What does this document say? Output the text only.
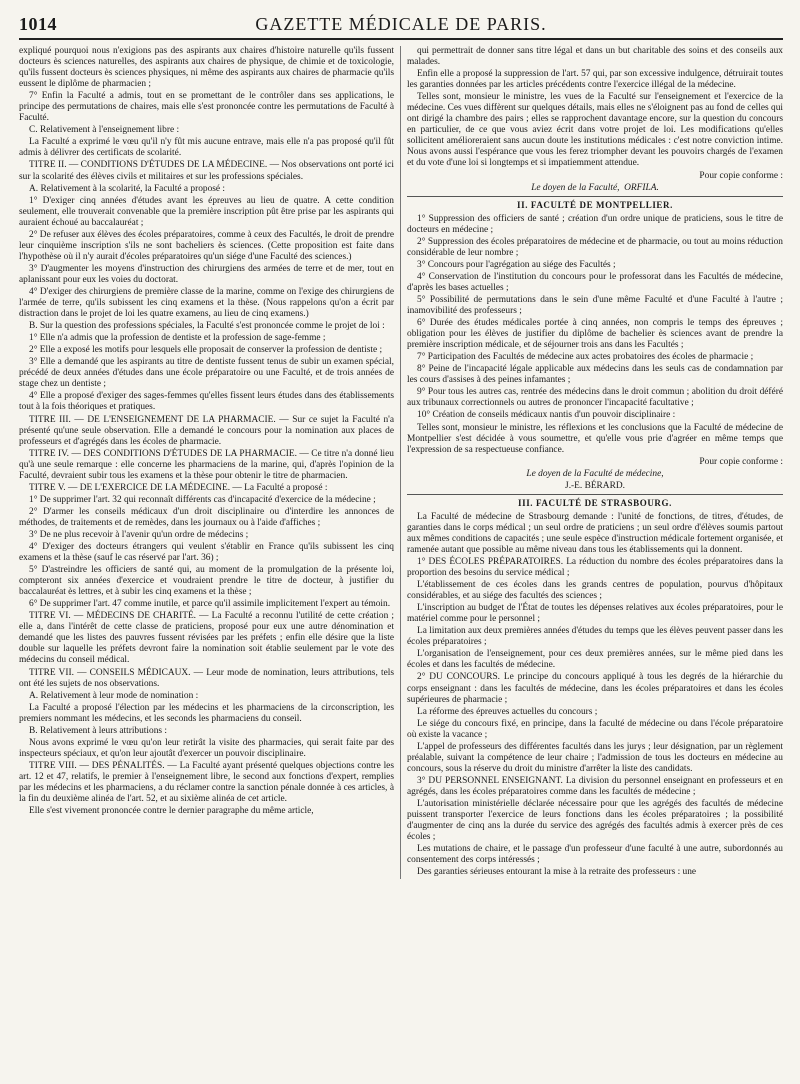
1014	GAZETTE MÉDICALE DE PARIS.

expliqué pourquoi nous n'exigions pas des aspirants aux chaires d'histoire naturelle qu'ils fussent docteurs ès sciences naturelles, des aspirants aux chaires de physique, de chimie et de toxicologie, qu'ils fussent docteurs ès sciences physiques, ni même des aspirants aux chaires de pharmacie qu'ils eussent le diplôme de pharmacien ;

7° Enfin la Faculté a admis, tout en se promettant de le contrôler dans ses applications, le principe des permutations de chaires, mais elle s'est prononcée contre les permutations de Faculté à Faculté.

C. Relativement à l'enseignement libre :

La Faculté a exprimé le vœu qu'il n'y fût mis aucune entrave, mais elle n'a pas proposé qu'il fût admis à délivrer des certificats de scolarité.

TITRE II. — CONDITIONS D'ÉTUDES DE LA MÉDECINE. — Nos observations ont porté ici sur la scolarité des élèves civils et militaires et sur les professions spéciales.

A. Relativement à la scolarité, la Faculté a proposé :

1° D'exiger cinq années d'études avant les épreuves au lieu de quatre. A cette condition seulement, elle trouverait convenable que la première inscription pût être prise par les aspirants qui auraient échoué au baccalauréat ;

2° De refuser aux élèves des écoles préparatoires, comme à ceux des Facultés, le droit de prendre leur cinquième inscription s'ils ne sont bacheliers ès sciences. (Cette proposition est faite dans l'hypothèse où il n'y aurait d'écoles préparatoires qu'un siége d'une Faculté des sciences.)

3° D'augmenter les moyens d'instruction des chirurgiens des armées de terre et de mer, tout en aplanissant pour eux les voies du doctorat.

4° D'exiger des chirurgiens de première classe de la marine, comme on l'exige des chirurgiens de l'armée de terre, qu'ils subissent les cinq examens et la thèse. (Nous rappelons qu'on a écrit par distraction dans le projet de loi les quatre examens, au lieu de cinq examens.)

B. Sur la question des professions spéciales, la Faculté s'est prononcée comme le projet de loi :

1° Elle n'a admis que la profession de dentiste et la profession de sage-femme ;

2° Elle a exposé les motifs pour lesquels elle proposait de conserver la profession de dentiste ;

3° Elle a demandé que les aspirants au titre de dentiste fussent tenus de subir un examen spécial, précédé de deux années d'études dans une école préparatoire ou une Faculté, et de trois années de stage chez un dentiste ;

4° Elle a proposé d'exiger des sages-femmes qu'elles fissent leurs études dans des établissements tout à la fois théoriques et pratiques.

TITRE III. — DE L'ENSEIGNEMENT DE LA PHARMACIE. — Sur ce sujet la Faculté n'a présenté qu'une seule observation. Elle a demandé le concours pour la nomination aux places de professeurs et d'agrégés dans les écoles de pharmacie.

TITRE IV. — DES CONDITIONS D'ÉTUDES DE LA PHARMACIE. — Ce titre n'a donné lieu qu'à une seule remarque : elle concerne les pharmaciens de la marine, qui, d'après l'opinion de la Faculté, devraient subir tous les examens et la thèse pour obtenir le titre de pharmacien.

TITRE V. — DE L'EXERCICE DE LA MÉDECINE. — La Faculté a proposé :

1° De supprimer l'art. 32 qui reconnaît différents cas d'incapacité d'exercice de la médecine ;

2° D'armer les conseils médicaux d'un droit disciplinaire ou d'interdire les annonces de méthodes, de traitements et de remèdes, dans les journaux ou à l'aide d'affiches ;

3° De ne plus recevoir à l'avenir qu'un ordre de médecins ;

4° D'exiger des docteurs étrangers qui veulent s'établir en France qu'ils subissent les cinq examens et la thèse (sauf le cas réservé par l'art. 36) ;

5° D'astreindre les officiers de santé qui, au moment de la promulgation de la présente loi, compteront six années d'exercice et voudraient prendre le titre de docteur, à justifier du baccalauréat ès lettres, et à subir les cinq examens et la thèse ;

6° De supprimer l'art. 47 comme inutile, et parce qu'il assimile implicitement l'expert au témoin.

TITRE VI. — MÉDECINS DE CHARITÉ. — La Faculté a reconnu l'utilité de cette création ; elle a, dans l'intérêt de cette classe de praticiens, proposé pour eux une autre dénomination et demandé que les listes des pauvres fussent révisées par les préfets ; enfin elle désire que la liste double sur laquelle les préfets devront faire la nomination soit établie seulement par le vote des médecins du conseil médical.

TITRE VII. — CONSEILS MÉDICAUX. — Leur mode de nomination, leurs attributions, tels ont été les sujets de nos observations.

A. Relativement à leur mode de nomination :

La Faculté a proposé l'élection par les médecins et les pharmaciens de la circonscription, les premiers nommant les médecins, et les seconds les pharmaciens du conseil.

B. Relativement à leurs attributions :

Nous avons exprimé le vœu qu'on leur retirât la visite des pharmacies, qui serait faite par des inspecteurs spéciaux, et qu'on leur ajoutât d'exercer un pouvoir disciplinaire.

TITRE VIII. — DES PÉNALITÉS. — La Faculté ayant présenté quelques objections contre les art. 12 et 47, relatifs, le premier à l'enseignement libre, le second aux fonctions d'expert, remplies par les médecins et les pharmaciens, a du réclamer contre la sanction pénale donnée à ces articles, à la fin du deuxième alinéa de l'art. 52, et au sixième alinéa de cet article.

Elle s'est vivement prononcée contre le dernier paragraphe du même article,

qui permettrait de donner sans titre légal et dans un but charitable des soins et des conseils aux malades.

Enfin elle a proposé la suppression de l'art. 57 qui, par son excessive indulgence, détruirait toutes les garanties données par les articles précédents contre l'exercice illégal de la médecine.

Telles sont, monsieur le ministre, les vues de la Faculté sur l'enseignement et l'exercice de la médecine. Ces vues diffèrent sur quelques détails, mais elles ne s'éloignent pas au fond de celles qui ont dirigé la chambre des pairs ; elles se rapprochent davantage encore, sur la question du concours en particulier, de ce que vous aviez écrit dans votre projet de loi. Les modifications qu'elles sollicitent amélioreraient sans aucun doute les institutions médicales : c'est notre conviction intime. Nous avons aussi l'espérance que vous les ferez triompher devant les pouvoirs chargés de l'examen et du vote d'une loi si longtemps et si impatiemment attendue.

Pour copie conforme :

Le doyen de la Faculté, ORFILA.

II. FACULTÉ DE MONTPELLIER.

1° Suppression des officiers de santé ; création d'un ordre unique de praticiens, sous le titre de docteurs en médecine ;

2° Suppression des écoles préparatoires de médecine et de pharmacie, ou tout au moins réduction considérable de leur nombre ;

3° Concours pour l'agrégation au siége des Facultés ;

4° Conservation de l'institution du concours pour le professorat dans les Facultés de médecine, d'après les bases actuelles ;

5° Possibilité de permutations dans le sein d'une même Faculté et d'une Faculté à l'autre ; inamovibilité des professeurs ;

6° Durée des études médicales portée à cinq années, non compris le temps des épreuves ; obligation pour les élèves de justifier du diplôme de bachelier ès sciences avant de prendre la première inscription médicale, et de séjourner trois ans dans les Facultés ;

7° Participation des Facultés de médecine aux actes probatoires des écoles de pharmacie ;

8° Peine de l'incapacité légale applicable aux médecins dans les seuls cas de condamnation par les cours d'assises à des peines infamantes ;

9° Pour tous les autres cas, rentrée des médecins dans le droit commun ; abolition du droit déféré aux tribunaux correctionnels ou autres de prononcer l'incapacité facultative ;

10° Création de conseils médicaux nantis d'un pouvoir disciplinaire :

Telles sont, monsieur le ministre, les réflexions et les conclusions que la Faculté de médecine de Montpellier s'est décidée à vous soumettre, et qu'elle vous prie d'agréer en même temps que l'expression de sa respectueuse confiance.

Pour copie conforme :

Le doyen de la Faculté de médecine,

J.-E. BÉRARD.

III. FACULTÉ DE STRASBOURG.

La Faculté de médecine de Strasbourg demande : l'unité de fonctions, de titres, d'études, de garanties dans le corps médical ; un seul ordre de praticiens ; un seul ordre d'élèves soumis partout aux mêmes conditions de capacités ; une seule espèce d'instruction médicale fortement organisée, et ramenée autant que possible au même niveau dans tous les établissements qui la donnent.

1° DES ÉCOLES PRÉPARATOIRES. La réduction du nombre des écoles préparatoires dans la proportion des besoins du service médical ;

L'établissement de ces écoles dans les grands centres de population, pourvus d'hôpitaux considérables, et au siége des facultés des sciences ;

L'inscription au budget de l'État de toutes les dépenses relatives aux écoles préparatoires, pour le matériel comme pour le personnel ;

La limitation aux deux premières années d'études du temps que les élèves peuvent passer dans les écoles préparatoires ;

L'organisation de l'enseignement, pour ces deux premières années, sur le même pied dans les écoles et dans les facultés de médecine.

2° DU CONCOURS. Le principe du concours appliqué à tous les degrés de la hiérarchie du corps enseignant : dans les facultés de médecine, dans les écoles préparatoires et dans les écoles supérieures de pharmacie ;

La réforme des épreuves actuelles du concours ;

Le siége du concours fixé, en principe, dans la faculté de médecine ou dans l'école préparatoire où existe la vacance ;

L'appel de professeurs des différentes facultés dans les jurys ; leur désignation, par un règlement préalable, suivant la compétence de leur chaire ; l'admission de tous les docteurs en médecine au concours, sous la réserve du droit du ministre d'arrêter la liste des candidats.

3° DU PERSONNEL ENSEIGNANT. La division du personnel enseignant en professeurs et en agrégés, dans les écoles préparatoires comme dans les facultés de médecine ;

L'autorisation ministérielle déclarée nécessaire pour que les agrégés des facultés de médecine puissent transporter l'exercice de leurs fonctions dans les écoles préparatoires ; la possibilité d'augmenter de cinq ans la durée du service des agrégés des facultés admis à exercer près de ces écoles ;

Les mutations de chaire, et le passage d'un professeur d'une faculté à une autre, subordonnés au consentement des corps intéressés ;

Des garanties sérieuses entourant la mise à la retraite des professeurs : une
